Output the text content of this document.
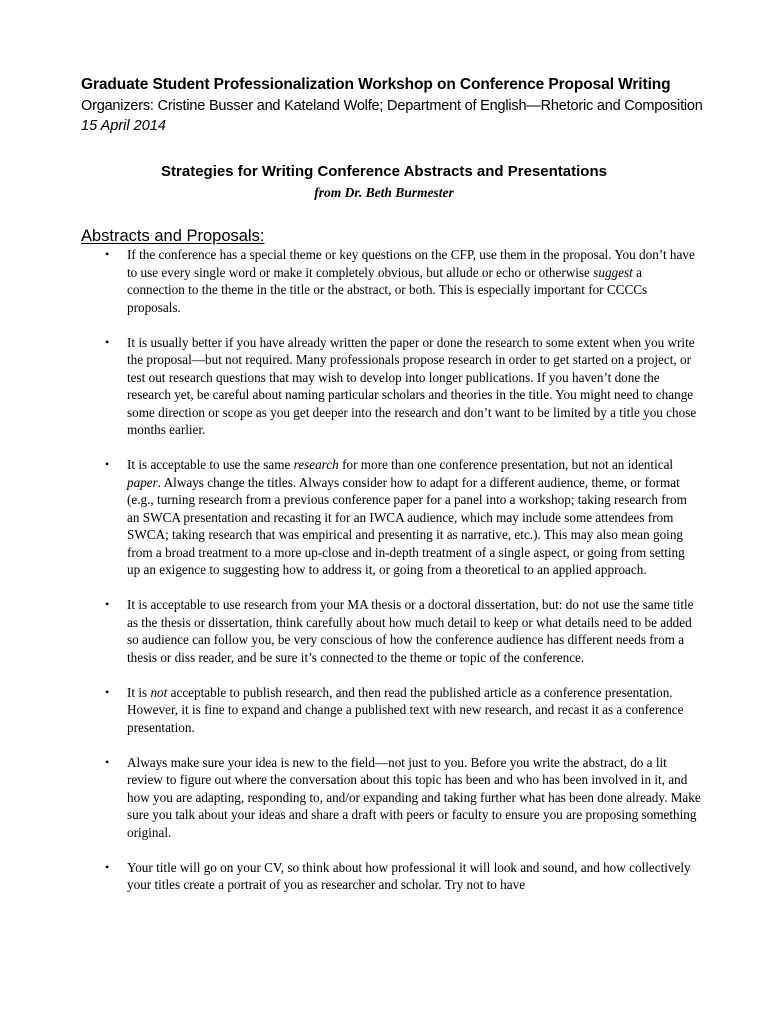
Graduate Student Professionalization Workshop on Conference Proposal Writing
Organizers: Cristine Busser and Kateland Wolfe; Department of English—Rhetoric and Composition
15 April 2014
Strategies for Writing Conference Abstracts and Presentations
from Dr. Beth Burmester
Abstracts and Proposals:
• If the conference has a special theme or key questions on the CFP, use them in the proposal. You don’t have to use every single word or make it completely obvious, but allude or echo or otherwise suggest a connection to the theme in the title or the abstract, or both. This is especially important for CCCCs proposals.
• It is usually better if you have already written the paper or done the research to some extent when you write the proposal—but not required. Many professionals propose research in order to get started on a project, or test out research questions that may wish to develop into longer publications. If you haven’t done the research yet, be careful about naming particular scholars and theories in the title. You might need to change some direction or scope as you get deeper into the research and don’t want to be limited by a title you chose months earlier.
• It is acceptable to use the same research for more than one conference presentation, but not an identical paper. Always change the titles. Always consider how to adapt for a different audience, theme, or format (e.g., turning research from a previous conference paper for a panel into a workshop; taking research from an SWCA presentation and recasting it for an IWCA audience, which may include some attendees from SWCA; taking research that was empirical and presenting it as narrative, etc.). This may also mean going from a broad treatment to a more up-close and in-depth treatment of a single aspect, or going from setting up an exigence to suggesting how to address it, or going from a theoretical to an applied approach.
• It is acceptable to use research from your MA thesis or a doctoral dissertation, but: do not use the same title as the thesis or dissertation, think carefully about how much detail to keep or what details need to be added so audience can follow you, be very conscious of how the conference audience has different needs from a thesis or diss reader, and be sure it’s connected to the theme or topic of the conference.
• It is not acceptable to publish research, and then read the published article as a conference presentation. However, it is fine to expand and change a published text with new research, and recast it as a conference presentation.
• Always make sure your idea is new to the field—not just to you. Before you write the abstract, do a lit review to figure out where the conversation about this topic has been and who has been involved in it, and how you are adapting, responding to, and/or expanding and taking further what has been done already. Make sure you talk about your ideas and share a draft with peers or faculty to ensure you are proposing something original.
• Your title will go on your CV, so think about how professional it will look and sound, and how collectively your titles create a portrait of you as researcher and scholar. Try not to have
